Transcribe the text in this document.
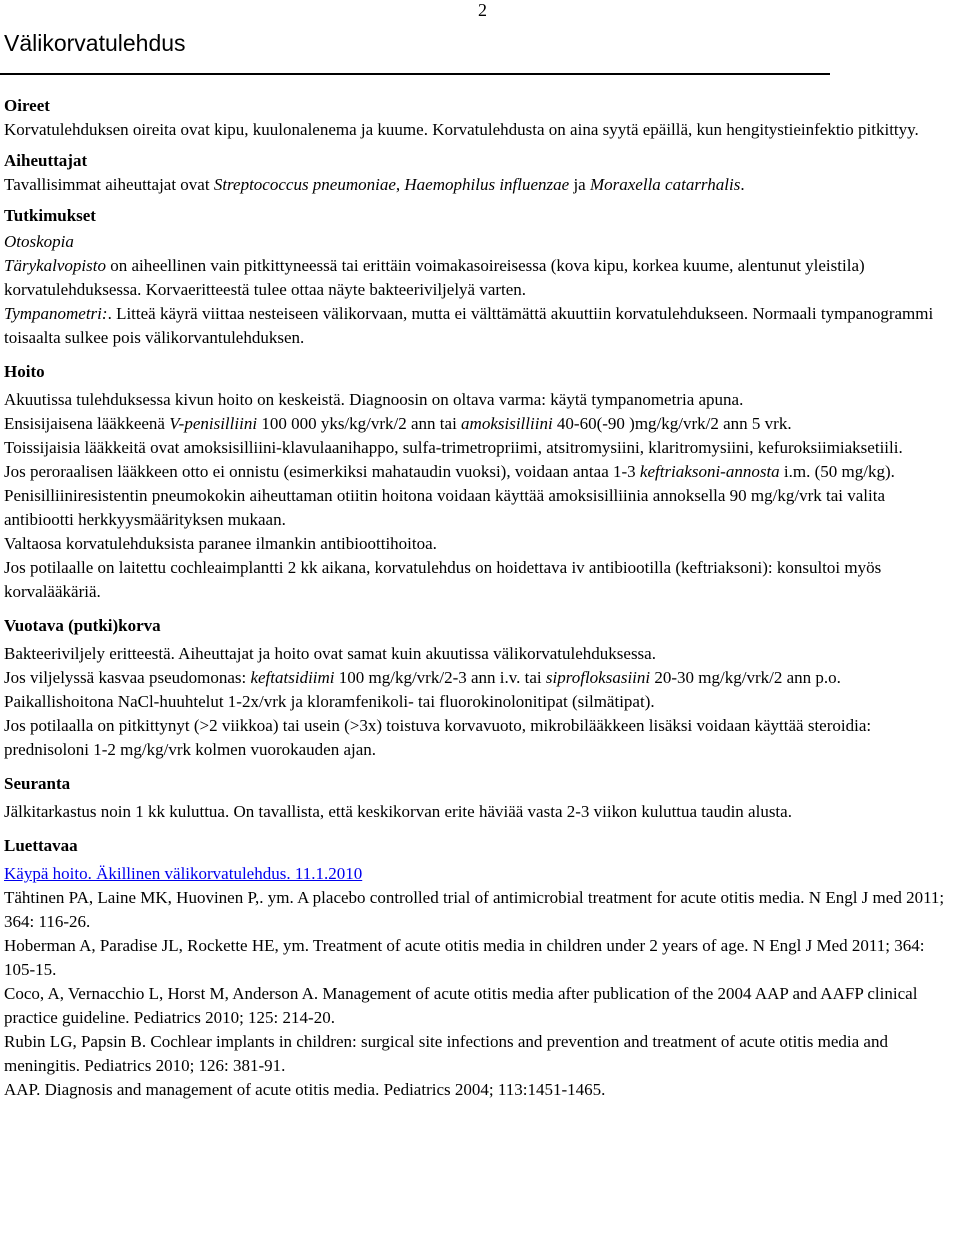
2
Välikorvatulehdus
Oireet

Korvatulehduksen oireita ovat kipu, kuulonalenema ja kuume. Korvatulehdusta on aina syytä epäillä, kun hengitystieinfektio pitkittyy.

Aiheuttajat

Tavallisimmat aiheuttajat ovat Streptococcus pneumoniae, Haemophilus influenzae ja Moraxella catarrhalis.

Tutkimukset

Otoskopia

Tärykalvopisto on aiheellinen vain pitkittyneessä tai erittäin voimakasoireisessa (kova kipu, korkea kuume, alentunut yleistila) korvatulehduksessa. Korvaeritteestä tulee ottaa näyte bakteeriviljelyä varten.

Tympanometri:. Litteä käyrä viittaa nesteiseen välikorvaan, mutta ei välttämättä akuuttiin korvatulehdukseen. Normaali tympanogrammi toisaalta sulkee pois välikorvantulehduksen.

Hoito

Akuutissa tulehduksessa kivun hoito on keskeistä. Diagnoosin on oltava varma: käytä tympanometria apuna.

Ensisijaisena lääkkeenä V-penisilliini 100 000 yks/kg/vrk/2 ann tai amoksisilliini 40-60(-90 )mg/kg/vrk/2 ann 5 vrk.

Toissijaisia lääkkeitä ovat amoksisilliini-klavulaanihappo, sulfa-trimetropriimi, atsitromysiini, klaritromysiini, kefuroksiimiaksetiili.

Jos peroraalisen lääkkeen otto ei onnistu (esimerkiksi mahataudin vuoksi), voidaan antaa 1-3 keftriaksoni-annosta i.m. (50 mg/kg).

Penisilliiniresistentin pneumokokin aiheuttaman otiitin hoitona voidaan käyttää amoksisilliinia annoksella 90 mg/kg/vrk tai valita antibiootti herkkyysmäärityksen mukaan.

Valtaosa korvatulehduksista paranee ilmankin antibioottihoitoa.

Jos potilaalle on laitettu cochleaimplantti 2 kk aikana, korvatulehdus on hoidettava iv antibiootilla (keftriaksoni): konsultoi myös korvalääkäriä.

Vuotava (putki)korva

Bakteeriviljely eritteestä. Aiheuttajat ja hoito ovat samat kuin akuutissa välikorvatulehduksessa.

Jos viljelyssä kasvaa pseudomonas: keftatsidiimi 100 mg/kg/vrk/2-3 ann i.v. tai siprofloksasiini 20-30 mg/kg/vrk/2 ann p.o.

Paikallishoitona NaCl-huuhtelut 1-2x/vrk ja kloramfenikoli- tai fluorokinolonitipat (silmätipat).

Jos potilaalla on pitkittynyt (>2 viikkoa) tai usein (>3x) toistuva korvavuoto, mikrobilääkkeen lisäksi voidaan käyttää steroidia: prednisoloni 1-2 mg/kg/vrk kolmen vuorokauden ajan.

Seuranta

Jälkitarkastus noin 1 kk kuluttua. On tavallista, että keskikorvan erite häviää vasta 2-3 viikon kuluttua taudin alusta.

Luettavaa

Käypä hoito. Äkillinen välikorvatulehdus. 11.1.2010

Tähtinen PA, Laine MK, Huovinen P,. ym. A placebo controlled trial of antimicrobial treatment for acute otitis media. N Engl J med 2011; 364: 116-26.

Hoberman A, Paradise JL, Rockette HE, ym. Treatment of acute otitis media in children under 2 years of age. N Engl J Med 2011; 364: 105-15.

Coco, A, Vernacchio L, Horst M, Anderson A. Management of acute otitis media after publication of the 2004 AAP and AAFP clinical practice guideline. Pediatrics 2010; 125: 214-20.

Rubin LG, Papsin B. Cochlear implants in children: surgical site infections and prevention and treatment of acute otitis media and meningitis. Pediatrics 2010; 126: 381-91.

AAP. Diagnosis and management of acute otitis media. Pediatrics 2004; 113:1451-1465.
